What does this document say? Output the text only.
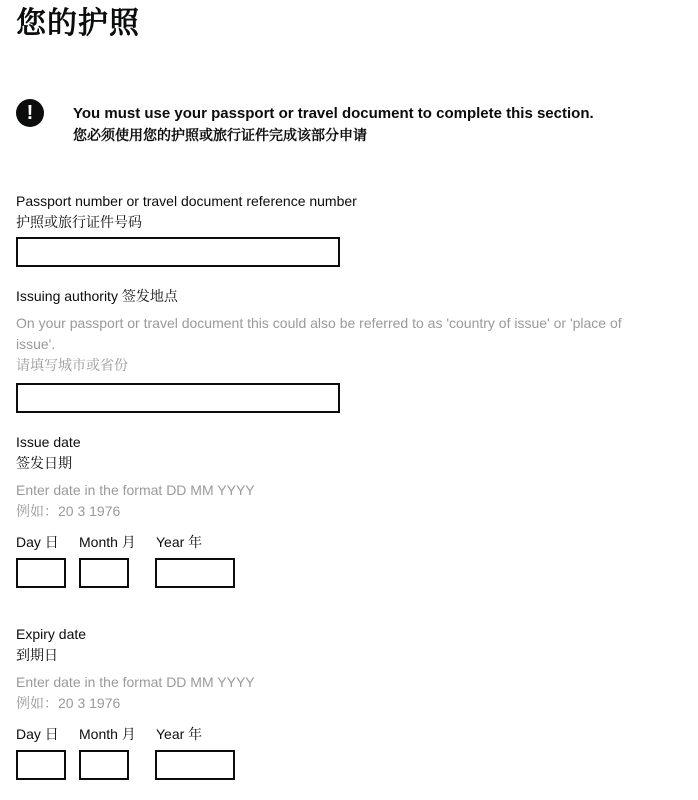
您的护照
!	You must use your passport or travel document to complete this section.
您必须使用您的护照或旅行证件完成该部分申请
Passport number or travel document reference number
护照或旅行证件号码
Issuing authority 签发地点
On your passport or travel document this could also be referred to as 'country of issue' or 'place of
issue'.
请填写城市或省份
Issue date
签发日期
Enter date in the format DD MM YYYY
例如：20 3 1976
Day 日 Month 月 Year 年
Expiry date
到期日
Enter date in the format DD MM YYYY
例如：20 3 1976
Day 日 Month 月 Year 年
